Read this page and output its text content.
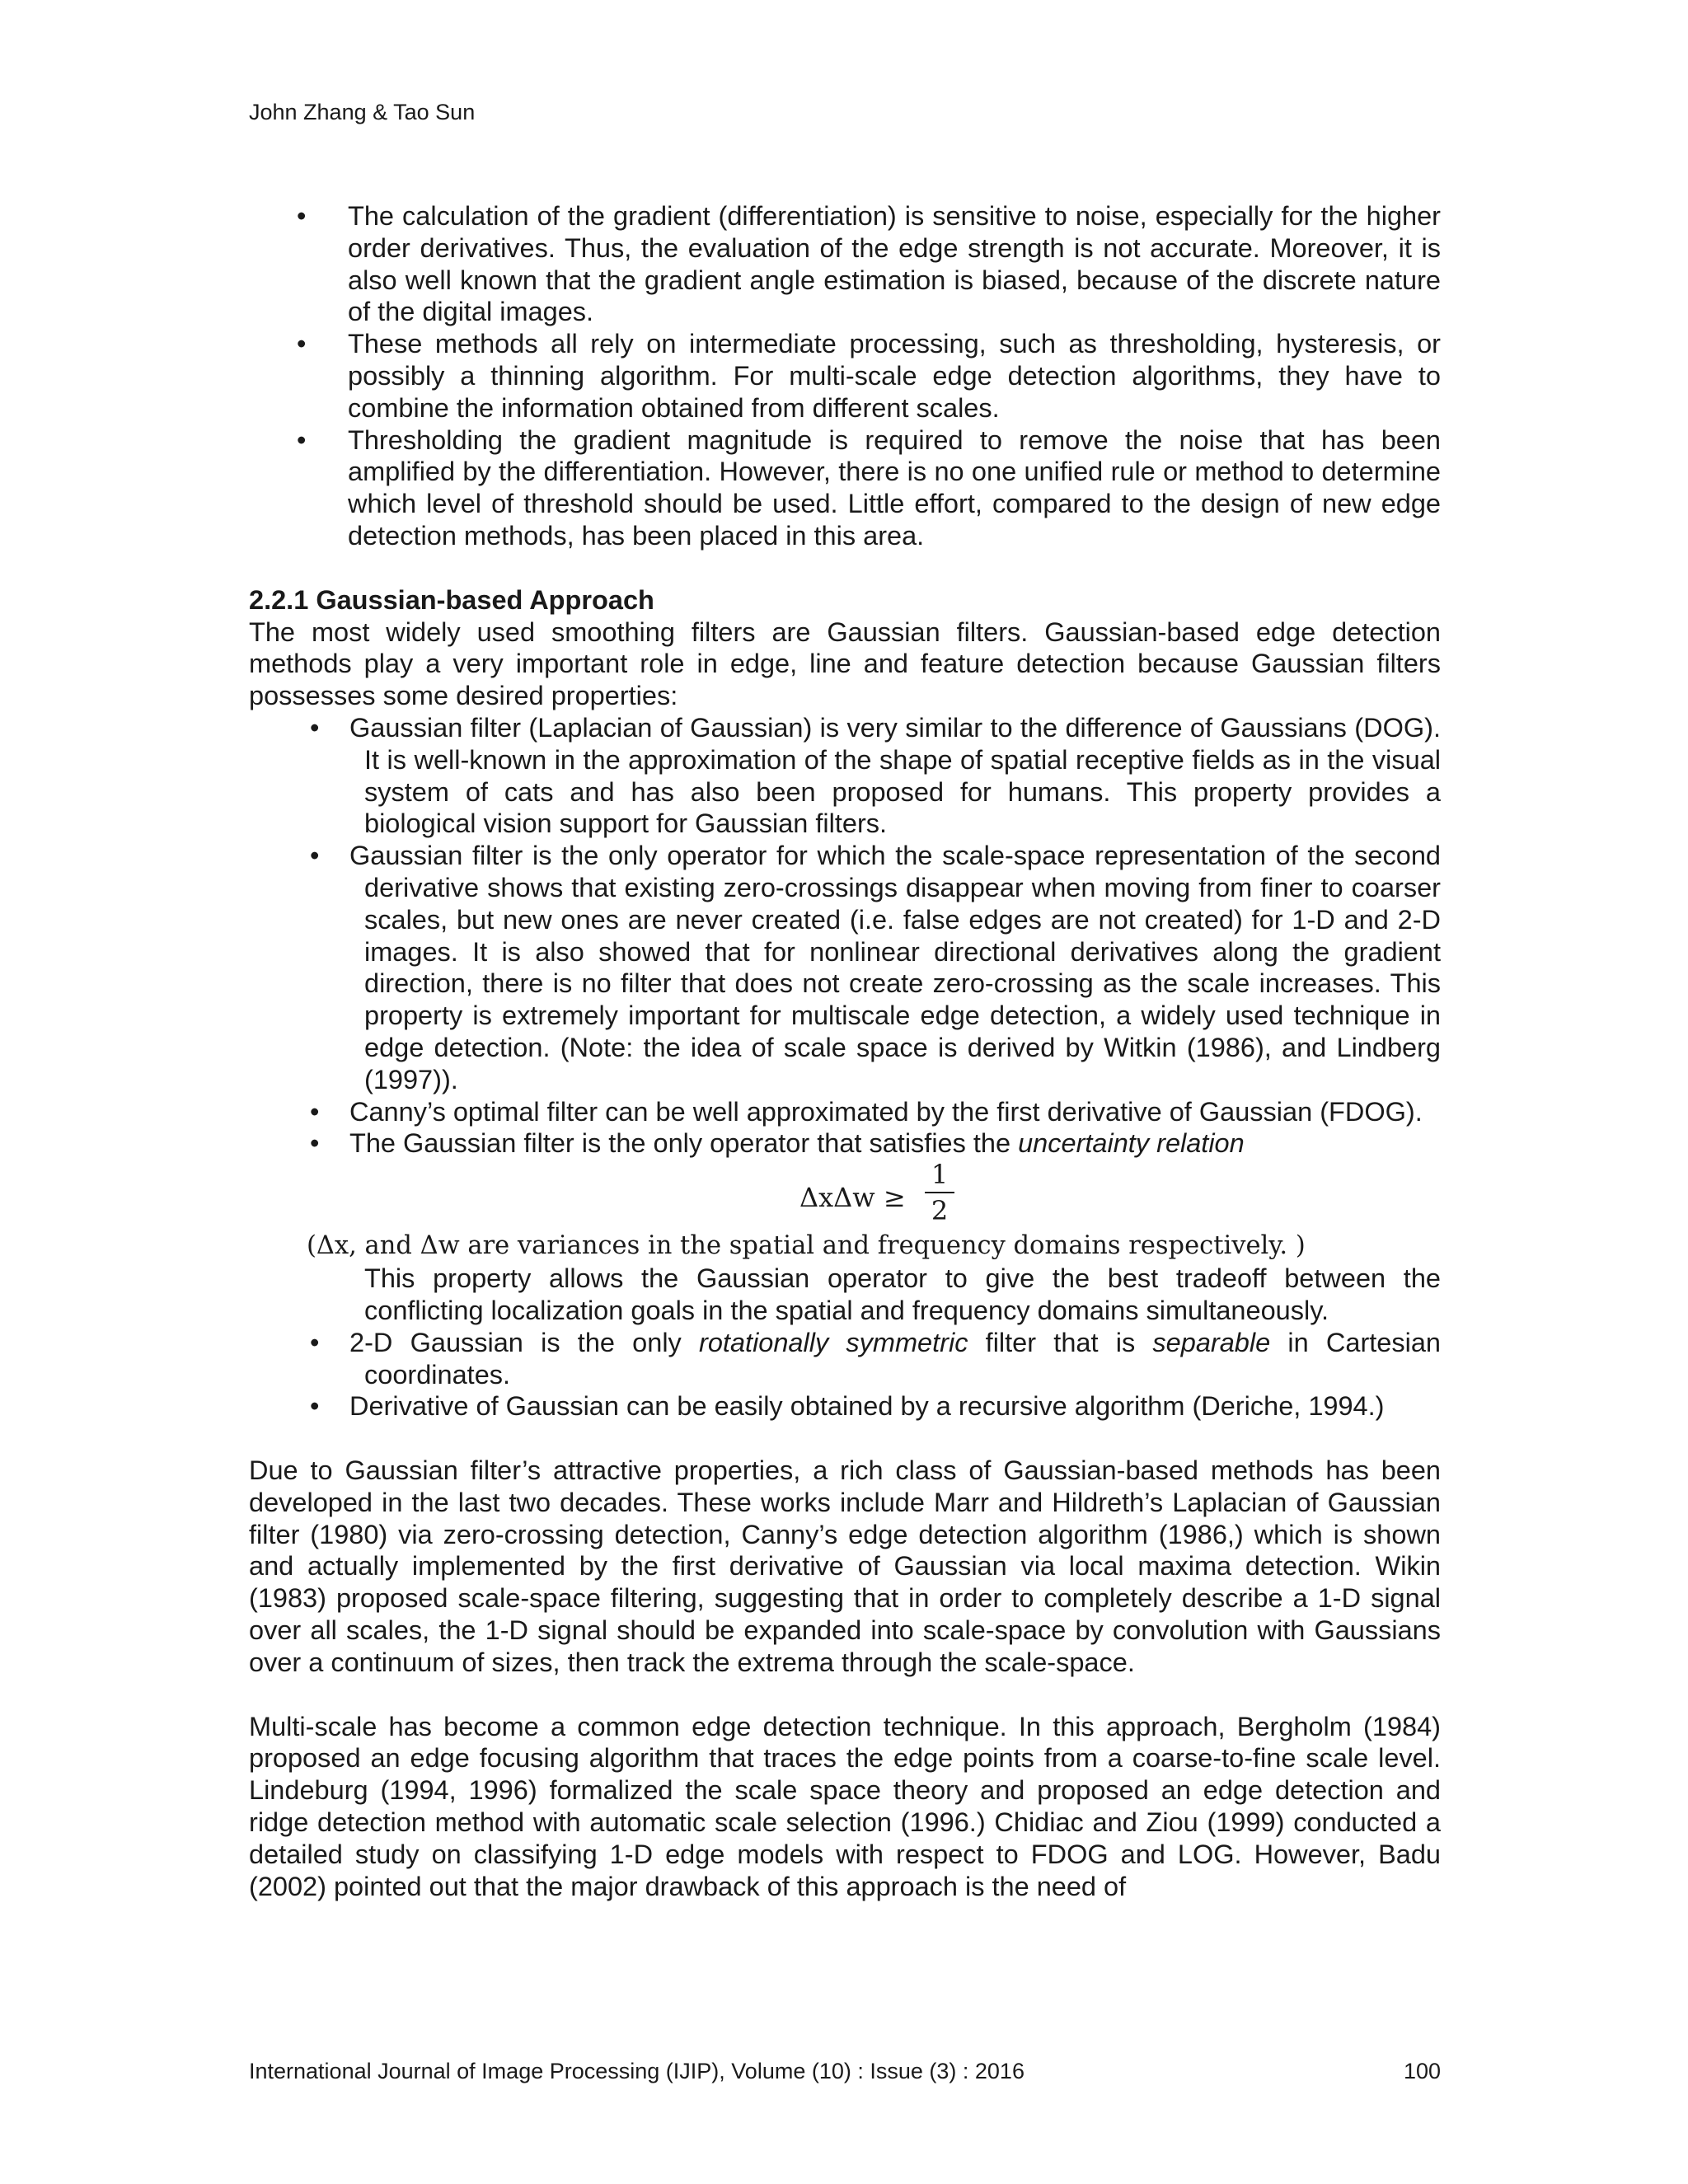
John Zhang & Tao Sun
• The calculation of the gradient (differentiation) is sensitive to noise, especially for the higher order derivatives. Thus, the evaluation of the edge strength is not accurate. Moreover, it is also well known that the gradient angle estimation is biased, because of the discrete nature of the digital images.
• These methods all rely on intermediate processing, such as thresholding, hysteresis, or possibly a thinning algorithm. For multi-scale edge detection algorithms, they have to combine the information obtained from different scales.
• Thresholding the gradient magnitude is required to remove the noise that has been amplified by the differentiation. However, there is no one unified rule or method to determine which level of threshold should be used. Little effort, compared to the design of new edge detection methods, has been placed in this area.
2.2.1 Gaussian-based Approach
The most widely used smoothing filters are Gaussian filters. Gaussian-based edge detection methods play a very important role in edge, line and feature detection because Gaussian filters possesses some desired properties:
• Gaussian filter (Laplacian of Gaussian) is very similar to the difference of Gaussians (DOG). It is well-known in the approximation of the shape of spatial receptive fields as in the visual system of cats and has also been proposed for humans. This property provides a biological vision support for Gaussian filters.
• Gaussian filter is the only operator for which the scale-space representation of the second derivative shows that existing zero-crossings disappear when moving from finer to coarser scales, but new ones are never created (i.e. false edges are not created) for 1-D and 2-D images. It is also showed that for nonlinear directional derivatives along the gradient direction, there is no filter that does not create zero-crossing as the scale increases. This property is extremely important for multiscale edge detection, a widely used technique in edge detection. (Note: the idea of scale space is derived by Witkin (1986), and Lindberg (1997)).
• Canny’s optimal filter can be well approximated by the first derivative of Gaussian (FDOG).
• The Gaussian filter is the only operator that satisfies the uncertainty relation
ΔxΔw ≥
1
2
(Δx, and Δw are variances in the spatial and frequency domains respectively. )
This property allows the Gaussian operator to give the best tradeoff between the conflicting localization goals in the spatial and frequency domains simultaneously.
• 2-D Gaussian is the only rotationally symmetric filter that is separable in Cartesian coordinates.
• Derivative of Gaussian can be easily obtained by a recursive algorithm (Deriche, 1994.)
Due to Gaussian filter’s attractive properties, a rich class of Gaussian-based methods has been developed in the last two decades. These works include Marr and Hildreth’s Laplacian of Gaussian filter (1980) via zero-crossing detection, Canny’s edge detection algorithm (1986,) which is shown and actually implemented by the first derivative of Gaussian via local maxima detection. Wikin (1983) proposed scale-space filtering, suggesting that in order to completely describe a 1-D signal over all scales, the 1-D signal should be expanded into scale-space by convolution with Gaussians over a continuum of sizes, then track the extrema through the scale-space.
Multi-scale has become a common edge detection technique. In this approach, Bergholm (1984) proposed an edge focusing algorithm that traces the edge points from a coarse-to-fine scale level. Lindeburg (1994, 1996) formalized the scale space theory and proposed an edge detection and ridge detection method with automatic scale selection (1996.) Chidiac and Ziou (1999) conducted a detailed study on classifying 1-D edge models with respect to FDOG and LOG. However, Badu (2002) pointed out that the major drawback of this approach is the need of
International Journal of Image Processing (IJIP), Volume (10) : Issue (3) : 2016	100
